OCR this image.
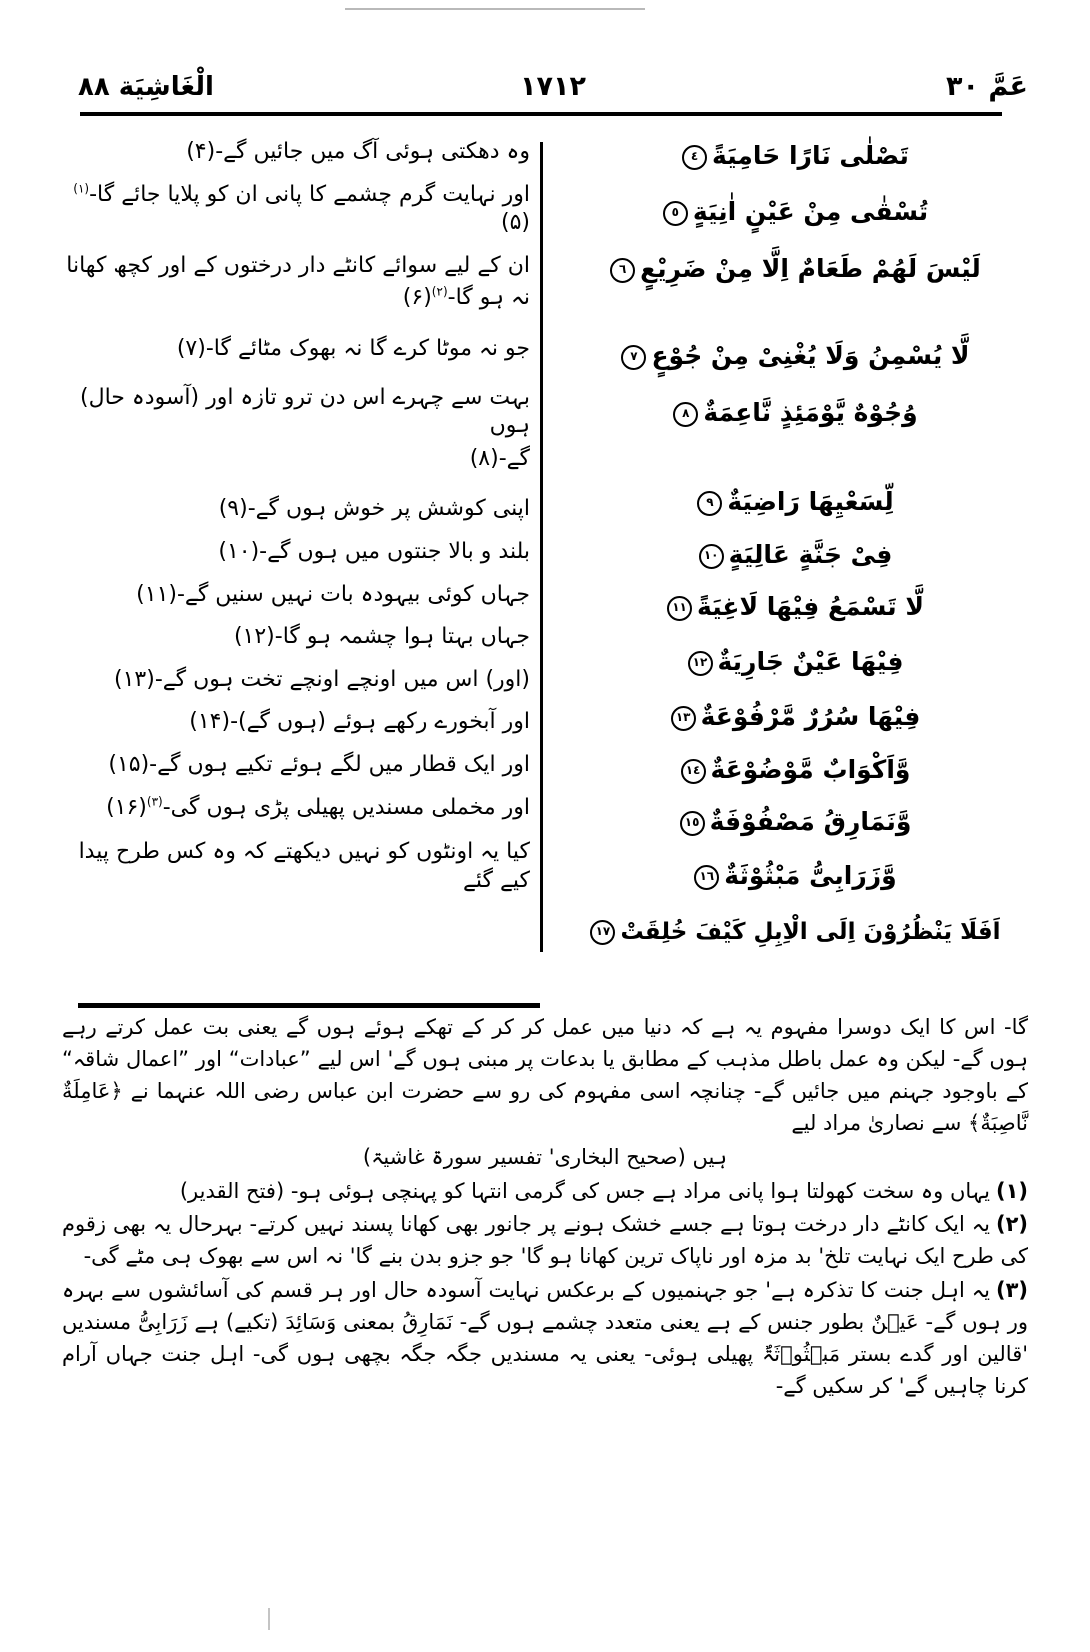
عَمَّ ٣٠
١٧١٢
الْغَاشِيَة ٨٨
تَصْلٰى نَارًا حَامِيَةً٤
تُسْقٰى مِنْ عَيْنٍ اٰنِيَةٍ٥
لَيْسَ لَهُمْ طَعَامٌ اِلَّا مِنْ ضَرِيْعٍ٦
لَّا يُسْمِنُ وَلَا يُغْنِىْ مِنْ جُوْعٍ٧
وُجُوْهٌ يَّوْمَئِذٍ نَّاعِمَةٌ٨
لِّسَعْيِهَا رَاضِيَةٌ٩
فِىْ جَنَّةٍ عَالِيَةٍ١٠
لَّا تَسْمَعُ فِيْهَا لَاغِيَةً١١
فِيْهَا عَيْنٌ جَارِيَةٌ١٢
فِيْهَا سُرُرٌ مَّرْفُوْعَةٌ١٣
وَّاَكْوَابٌ مَّوْضُوْعَةٌ١٤
وَّنَمَارِقُ مَصْفُوْفَةٌ١٥
وَّزَرَابِىُّ مَبْثُوْثَةٌ١٦
اَفَلَا يَنْظُرُوْنَ اِلَى الْاِبِلِ كَيْفَ خُلِقَتْ١٧
وہ دھکتی ہوئی آگ میں جائیں گے-(۴)
اور نہایت گرم چشمے کا پانی ان کو پلایا جائے گا-$^{(۱)}$(۵)
ان کے لیے سوائے کانٹے دار درختوں کے اور کچھ کھانا
نہ ہو گا-$^{(۲)}$(۶)
جو نہ موٹا کرے گا نہ بھوک مٹائے گا-(۷)
بہت سے چہرے اس دن ترو تازہ اور (آسودہ حال) ہوں
گے-(۸)
اپنی کوشش پر خوش ہوں گے-(۹)
بلند و بالا جنتوں میں ہوں گے-(۱۰)
جہاں کوئی بیہودہ بات نہیں سنیں گے-(۱۱)
جہاں بہتا ہوا چشمہ ہو گا-(۱۲)
(اور) اس میں اونچے اونچے تخت ہوں گے-(۱۳)
اور آبخورے رکھے ہوئے (ہوں گے)-(۱۴)
اور ایک قطار میں لگے ہوئے تکیے ہوں گے-(۱۵)
اور مخملی مسندیں پھیلی پڑی ہوں گی-$^{(۳)}$(۱۶)
کیا یہ اونٹوں کو نہیں دیکھتے کہ وہ کس طرح پیدا کیے گئے

گا- اس کا ایک دوسرا مفہوم یہ ہے کہ دنیا میں عمل کر کر کے تھکے ہوئے ہوں گے یعنی بت عمل کرتے رہے ہوں گے- لیکن وہ عمل باطل مذہب کے مطابق یا بدعات پر مبنی ہوں گے' اس لیے ”عبادات“ اور ”اعمال شاقہ“ کے باوجود جہنم میں جائیں گے- چنانچہ اسی مفہوم کی رو سے حضرت ابن عباس رضی اللہ عنہما نے ﴿عَامِلَةٌ نَّاصِبَةٌ﴾ سے نصاریٰ مراد لیے

ہیں (صحیح البخاری' تفسیر سورۃ غاشیۃ)

(۱)یہاں وہ سخت کھولتا ہوا پانی مراد ہے جس کی گرمی انتہا کو پہنچی ہوئی ہو- (فتح القدیر)

(۲)یہ ایک کانٹے دار درخت ہوتا ہے جسے خشک ہونے پر جانور بھی کھانا پسند نہیں کرتے- بہرحال یہ بھی زقوم کی طرح ایک نہایت تلخ' بد مزہ اور ناپاک ترین کھانا ہو گا' جو جزو بدن بنے گا' نہ اس سے بھوک ہی مٹے گی-

(۳)یہ اہل جنت کا تذکرہ ہے' جو جہنمیوں کے برعکس نہایت آسودہ حال اور ہر قسم کی آسائشوں سے بہرہ ور ہوں گے- عَیۡنٌ بطور جنس کے ہے یعنی متعدد چشمے ہوں گے- نَمَارِقُ بمعنی وَسَائِدَ (تکیے) ہے زَرَابِیُّ مسندیں 'قالین اور گدے بستر مَبۡثُوۡثَۃٌ پھیلی ہوئی- یعنی یہ مسندیں جگہ جگہ بچھی ہوں گی- اہل جنت جہاں آرام کرنا چاہیں گے' کر سکیں گے-
